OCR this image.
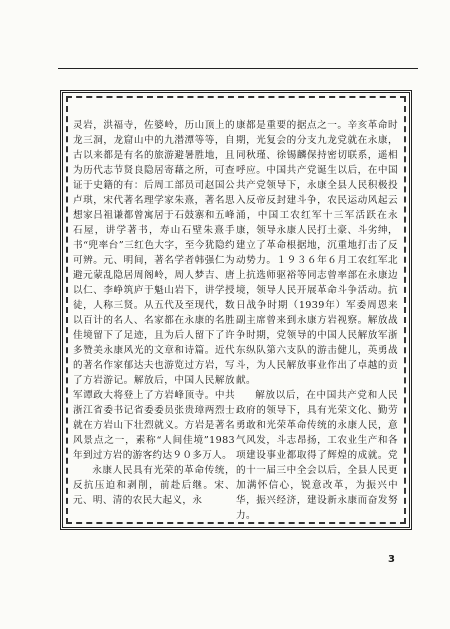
灵岩，洪福寺，佐婆岭，历山顶上的龙三洞，龙窟山中的九潜潭等等，自古以来都是有名的旅游避暑胜地，且为历代志节贤良隐居寄藉之所，可查证于史籍的有：后周工部员司赵国公卢琪，宋代著名理学家朱熹，著名思想家吕祖谦都曾寓居于石鼓寨和五峰石屋，讲学著书，寿山石壁朱熹手书“兜率台”三红色大字，至今犹隐约可辨。元、明间，著名学者韩强仁为避元蒙乱隐居周阁岭，周人梦吉、唐以仁、李峥筑庐于魁山岩下，讲学授徒，人称三贤。从五代及至现代，数以百计的名人、名家都在永康的名胜佳境留下了足迹，且为后人留下了许多赞美永康风光的文章和诗篇。近代的著名作家郁达夫也游览过方岩，写了方岩游记。解放后，中国人民解放军谭政大将登上了方岩峰顶寺。中共浙江省委书记省委委员张贵璋两烈士就在方岩山下壮烈就义。方岩是著名风景点之一，素称“人间佳境”1983年到过方岩的游客约达９０多万人。

永康人民具有光荣的革命传统，反抗压迫和剥削，前赴后继。宋、元、明、清的农民大起义，永

康都是重要的据点之一。辛亥革命时期，光复会的分支九龙党就在永康，同秋瑾、徐锡麟保持密切联系，遥相呼应。中国共产党诞生以后，在中国共产党领导下，永康全县人民积极投入反帝反封建斗争，农民运动风起云涌，中国工农红军十三军活跃在永康，领导永康人民打土豪、斗劣绅，建立了革命根据地，沉重地打击了反动势力。１９３６年６月工农红军北上抗选师驱裕等同志曾率部在永康边境，领导人民开展革命斗争活动。抗日战争时期（1939年）军委周恩来副主席曾来到永康方岩视察。解放战争时期，党领导的中国人民解放军浙东纵队第六支队的游击健儿，英勇战斗，为人民解放事业作出了卓越的贡献。

解放以后，在中国共产党和人民政府的领导下，具有光荣文化、勤劳勇敢和光荣革命传统的永康人民，意气风发，斗志昂扬，工农业生产和各项建设事业都取得了辉煌的成就。党的十一届三中全会以后，全县人民更加满怀信心，锐意改革，为振兴中华，振兴经济，建设新永康而奋发努力。

3
